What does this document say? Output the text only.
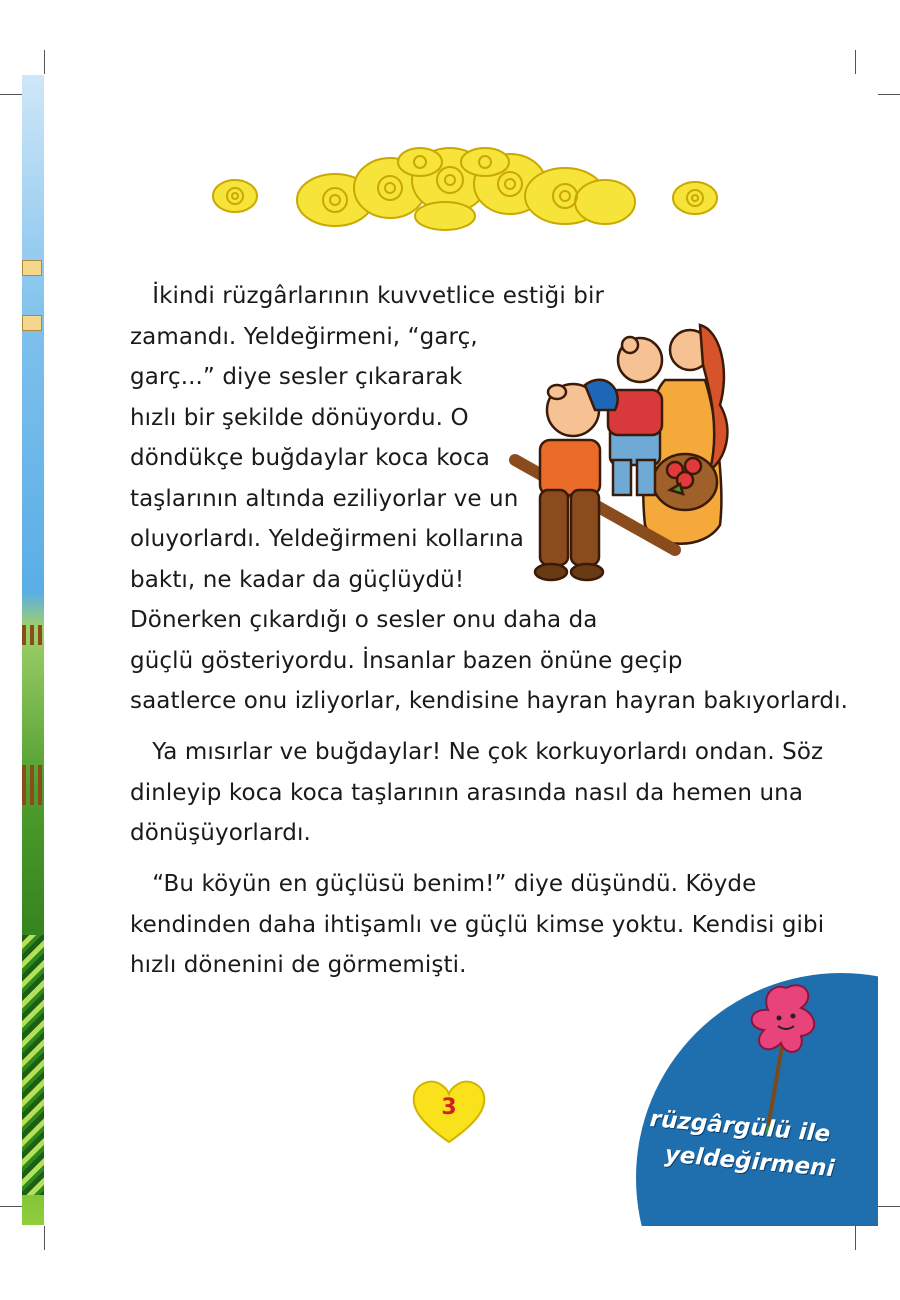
İkindi rüzgârlarının kuvvetlice estiği bir
zamandı. Yeldeğirmeni, “garç,
garç...” diye sesler çıkararak
hızlı bir şekilde dönüyordu. O
döndükçe buğdaylar koca koca
taşlarının altında eziliyorlar ve un
oluyorlardı. Yeldeğirmeni kollarına
baktı, ne kadar da güçlüydü!
Dönerken çıkardığı o sesler onu daha da
güçlü gösteriyordu. İnsanlar bazen önüne geçip
saatlerce onu izliyorlar, kendisine hayran hayran bakıyorlardı.

Ya mısırlar ve buğdaylar! Ne çok korkuyorlardı ondan. Söz
dinleyip koca koca taşlarının arasında nasıl da hemen una
dönüşüyorlardı.

“Bu köyün en güçlüsü benim!” diye düşündü. Köyde
kendinden daha ihtişamlı ve güçlü kimse yoktu. Kendisi gibi
hızlı dönenini de görmemişti.

3	rüzgârgülü ile
yeldeğirmeni
